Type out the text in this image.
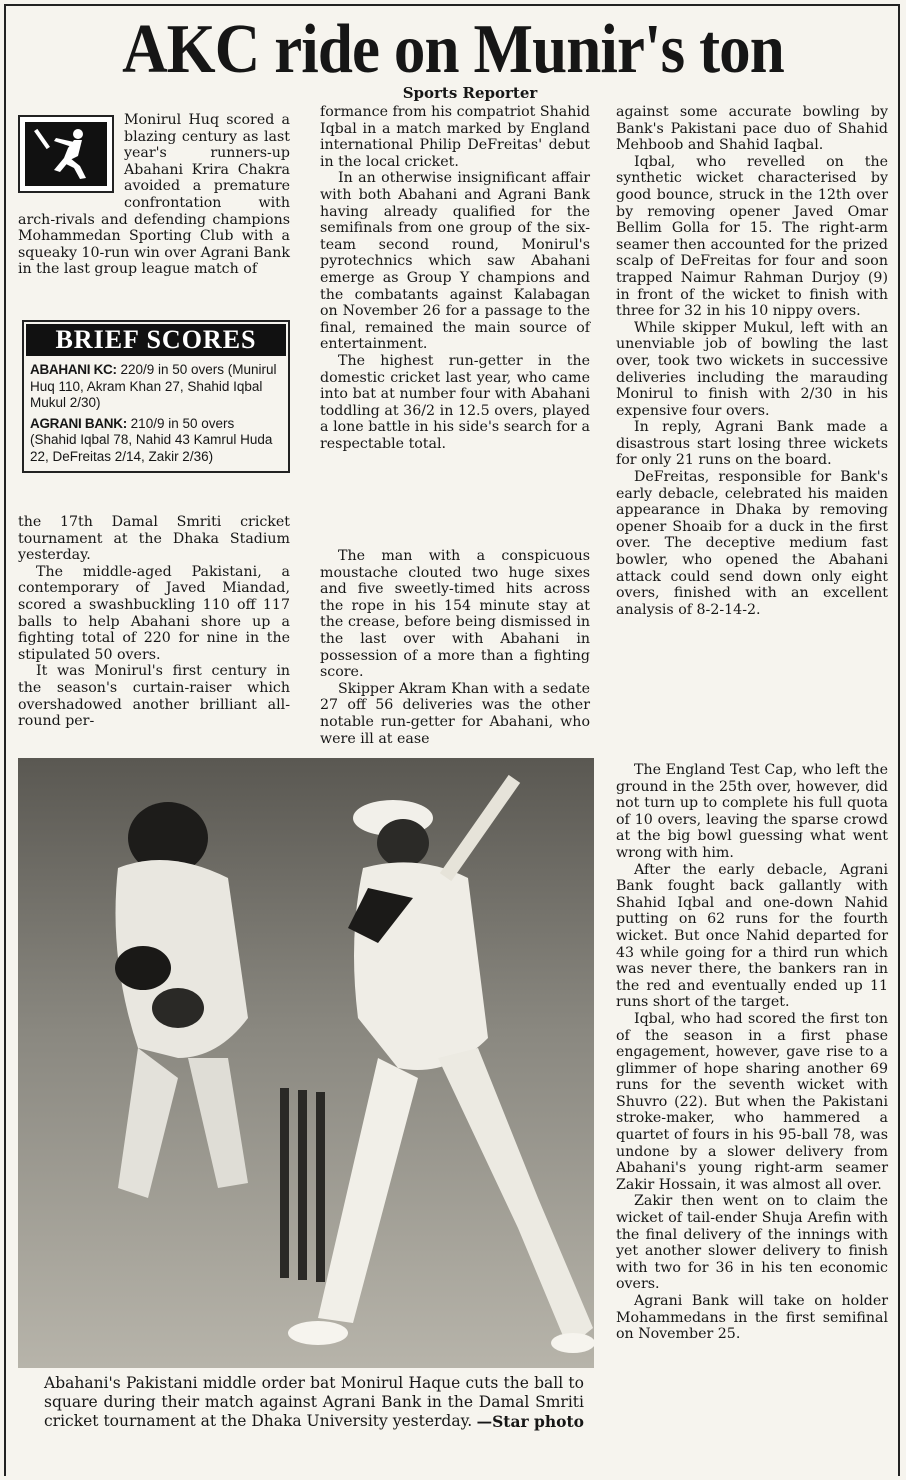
AKC ride on Munir's ton
Sports Reporter

Monirul Huq scored a blazing century as last year's runners-up Abahani Krira Chakra avoided a premature confrontation with arch-rivals and defending champions Mohammedan Sporting Club with a squeaky 10-run win over Agrani Bank in the last group league match of

BRIEF SCORES

ABAHANI KC: 220/9 in 50 overs (Munirul Huq 110, Akram Khan 27, Shahid Iqbal Mukul 2/30)

AGRANI BANK: 210/9 in 50 overs (Shahid Iqbal 78, Nahid 43 Kamrul Huda 22, DeFreitas 2/14, Zakir 2/36)

the 17th Damal Smriti cricket tournament at the Dhaka Stadium yesterday.

The middle-aged Pakistani, a contemporary of Javed Miandad, scored a swashbuckling 110 off 117 balls to help Abahani shore up a fighting total of 220 for nine in the stipulated 50 overs.

It was Monirul's first century in the season's curtain-raiser which overshadowed another brilliant all-round per-

formance from his compatriot Shahid Iqbal in a match marked by England international Philip DeFreitas' debut in the local cricket.

In an otherwise insignificant affair with both Abahani and Agrani Bank having already qualified for the semifinals from one group of the six-team second round, Monirul's pyrotechnics which saw Abahani emerge as Group Y champions and the combatants against Kalabagan on November 26 for a passage to the final, remained the main source of entertainment.

The highest run-getter in the domestic cricket last year, who came into bat at number four with Abahani toddling at 36/2 in 12.5 overs, played a lone battle in his side's search for a respectable total.

The man with a conspicuous moustache clouted two huge sixes and five sweetly-timed hits across the rope in his 154 minute stay at the crease, before being dismissed in the last over with Abahani in possession of a more than a fighting score.

Skipper Akram Khan with a sedate 27 off 56 deliveries was the other notable run-getter for Abahani, who were ill at ease

against some accurate bowling by Bank's Pakistani pace duo of Shahid Mehboob and Shahid Iaqbal.

Iqbal, who revelled on the synthetic wicket characterised by good bounce, struck in the 12th over by removing opener Javed Omar Bellim Golla for 15. The right-arm seamer then accounted for the prized scalp of DeFreitas for four and soon trapped Naimur Rahman Durjoy (9) in front of the wicket to finish with three for 32 in his 10 nippy overs.

While skipper Mukul, left with an unenviable job of bowling the last over, took two wickets in successive deliveries including the marauding Monirul to finish with 2/30 in his expensive four overs.

In reply, Agrani Bank made a disastrous start losing three wickets for only 21 runs on the board.

DeFreitas, responsible for Bank's early debacle, celebrated his maiden appearance in Dhaka by removing opener Shoaib for a duck in the first over. The deceptive medium fast bowler, who opened the Abahani attack could send down only eight overs, finished with an excellent analysis of 8-2-14-2.

The England Test Cap, who left the ground in the 25th over, however, did not turn up to complete his full quota of 10 overs, leaving the sparse crowd at the big bowl guessing what went wrong with him.

After the early debacle, Agrani Bank fought back gallantly with Shahid Iqbal and one-down Nahid putting on 62 runs for the fourth wicket. But once Nahid departed for 43 while going for a third run which was never there, the bankers ran in the red and eventually ended up 11 runs short of the target.

Iqbal, who had scored the first ton of the season in a first phase engagement, however, gave rise to a glimmer of hope sharing another 69 runs for the seventh wicket with Shuvro (22). But when the Pakistani stroke-maker, who hammered a quartet of fours in his 95-ball 78, was undone by a slower delivery from Abahani's young right-arm seamer Zakir Hossain, it was almost all over.

Zakir then went on to claim the wicket of tail-ender Shuja Arefin with the final delivery of the innings with yet another slower delivery to finish with two for 36 in his ten economic overs.

Agrani Bank will take on holder Mohammedans in the first semifinal on November 25.

Abahani's Pakistani middle order bat Monirul Haque cuts the ball to square during their match against Agrani Bank in the Damal Smriti cricket tournament at the Dhaka University yesterday. —Star photo
